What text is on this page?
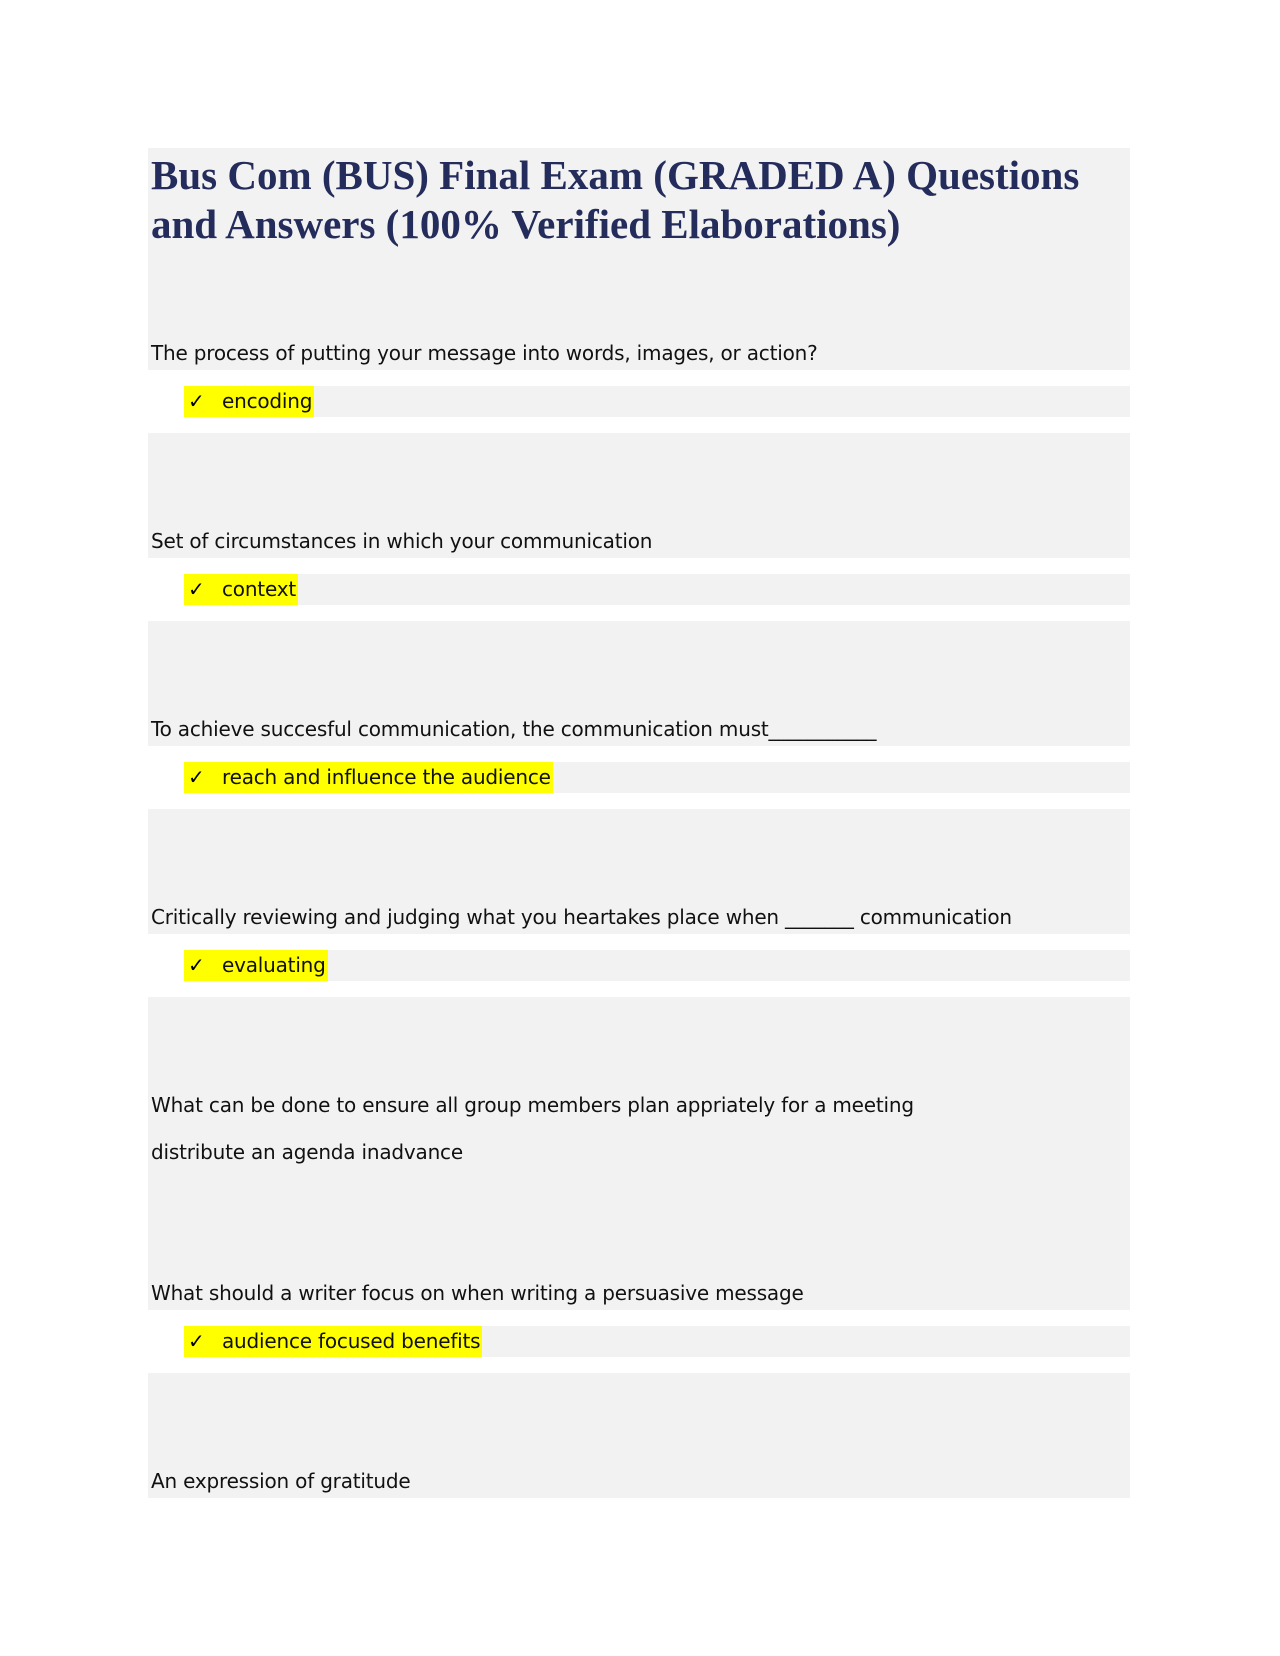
Bus Com (BUS) Final Exam (GRADED A) Questions and Answers (100% Verified Elaborations)
The process of putting your message into words, images, or action?
✓ encoding
Set of circumstances in which your communication
✓ context
To achieve succesful communication, the communication must___________
✓ reach and influence the audience
Critically reviewing and judging what you heartakes place when _______ communication
✓ evaluating
What can be done to ensure all group members plan appriately for a meeting
distribute an agenda inadvance
What should a writer focus on when writing a persuasive message
✓ audience focused benefits
An expression of gratitude
